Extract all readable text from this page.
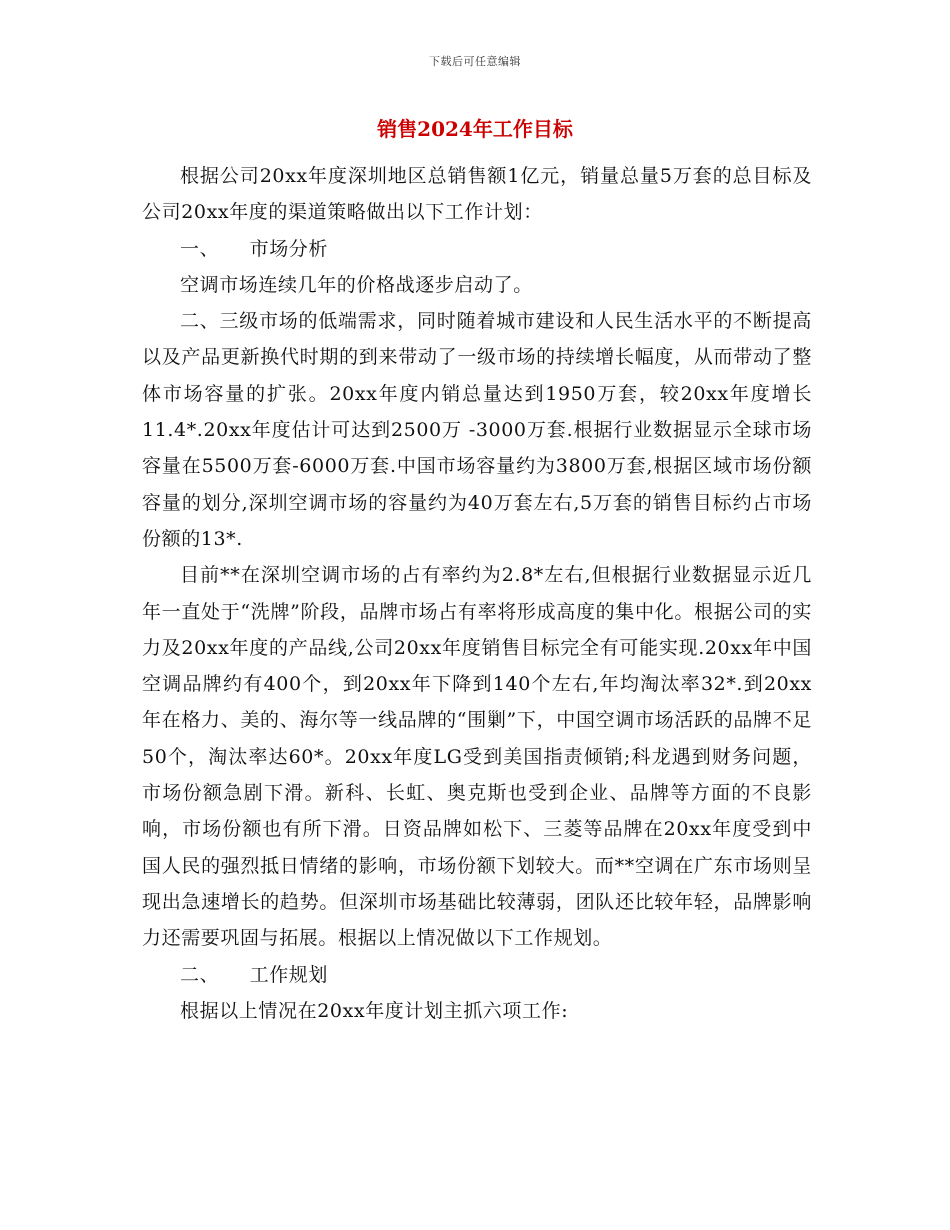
下载后可任意编辑
销售2024年工作目标

根据公司20xx年度深圳地区总销售额1亿元，销量总量5万套的总目标及公司20xx年度的渠道策略做出以下工作计划：

一、 市场分析

空调市场连续几年的价格战逐步启动了。

二、三级市场的低端需求，同时随着城市建设和人民生活水平的不断提高以及产品更新换代时期的到来带动了一级市场的持续增长幅度，从而带动了整体市场容量的扩张。20xx年度内销总量达到1950万套，较20xx年度增长11.4*.20xx年度估计可达到2500万 -3000万套.根据行业数据显示全球市场容量在5500万套-6000万套.中国市场容量约为3800万套,根据区域市场份额容量的划分,深圳空调市场的容量约为40万套左右,5万套的销售目标约占市场份额的13*.

目前**在深圳空调市场的占有率约为2.8*左右,但根据行业数据显示近几年一直处于“洗牌”阶段，品牌市场占有率将形成高度的集中化。根据公司的实力及20xx年度的产品线,公司20xx年度销售目标完全有可能实现.20xx年中国空调品牌约有400个，到20xx年下降到140个左右,年均淘汰率32*.到20xx年在格力、美的、海尔等一线品牌的“围剿”下，中国空调市场活跃的品牌不足50个，淘汰率达60*。20xx年度LG受到美国指责倾销;科龙遇到财务问题，市场份额急剧下滑。新科、长虹、奥克斯也受到企业、品牌等方面的不良影响，市场份额也有所下滑。日资品牌如松下、三菱等品牌在20xx年度受到中国人民的强烈抵日情绪的影响，市场份额下划较大。而**空调在广东市场则呈现出急速增长的趋势。但深圳市场基础比较薄弱，团队还比较年轻，品牌影响力还需要巩固与拓展。根据以上情况做以下工作规划。

二、 工作规划

根据以上情况在20xx年度计划主抓六项工作:
